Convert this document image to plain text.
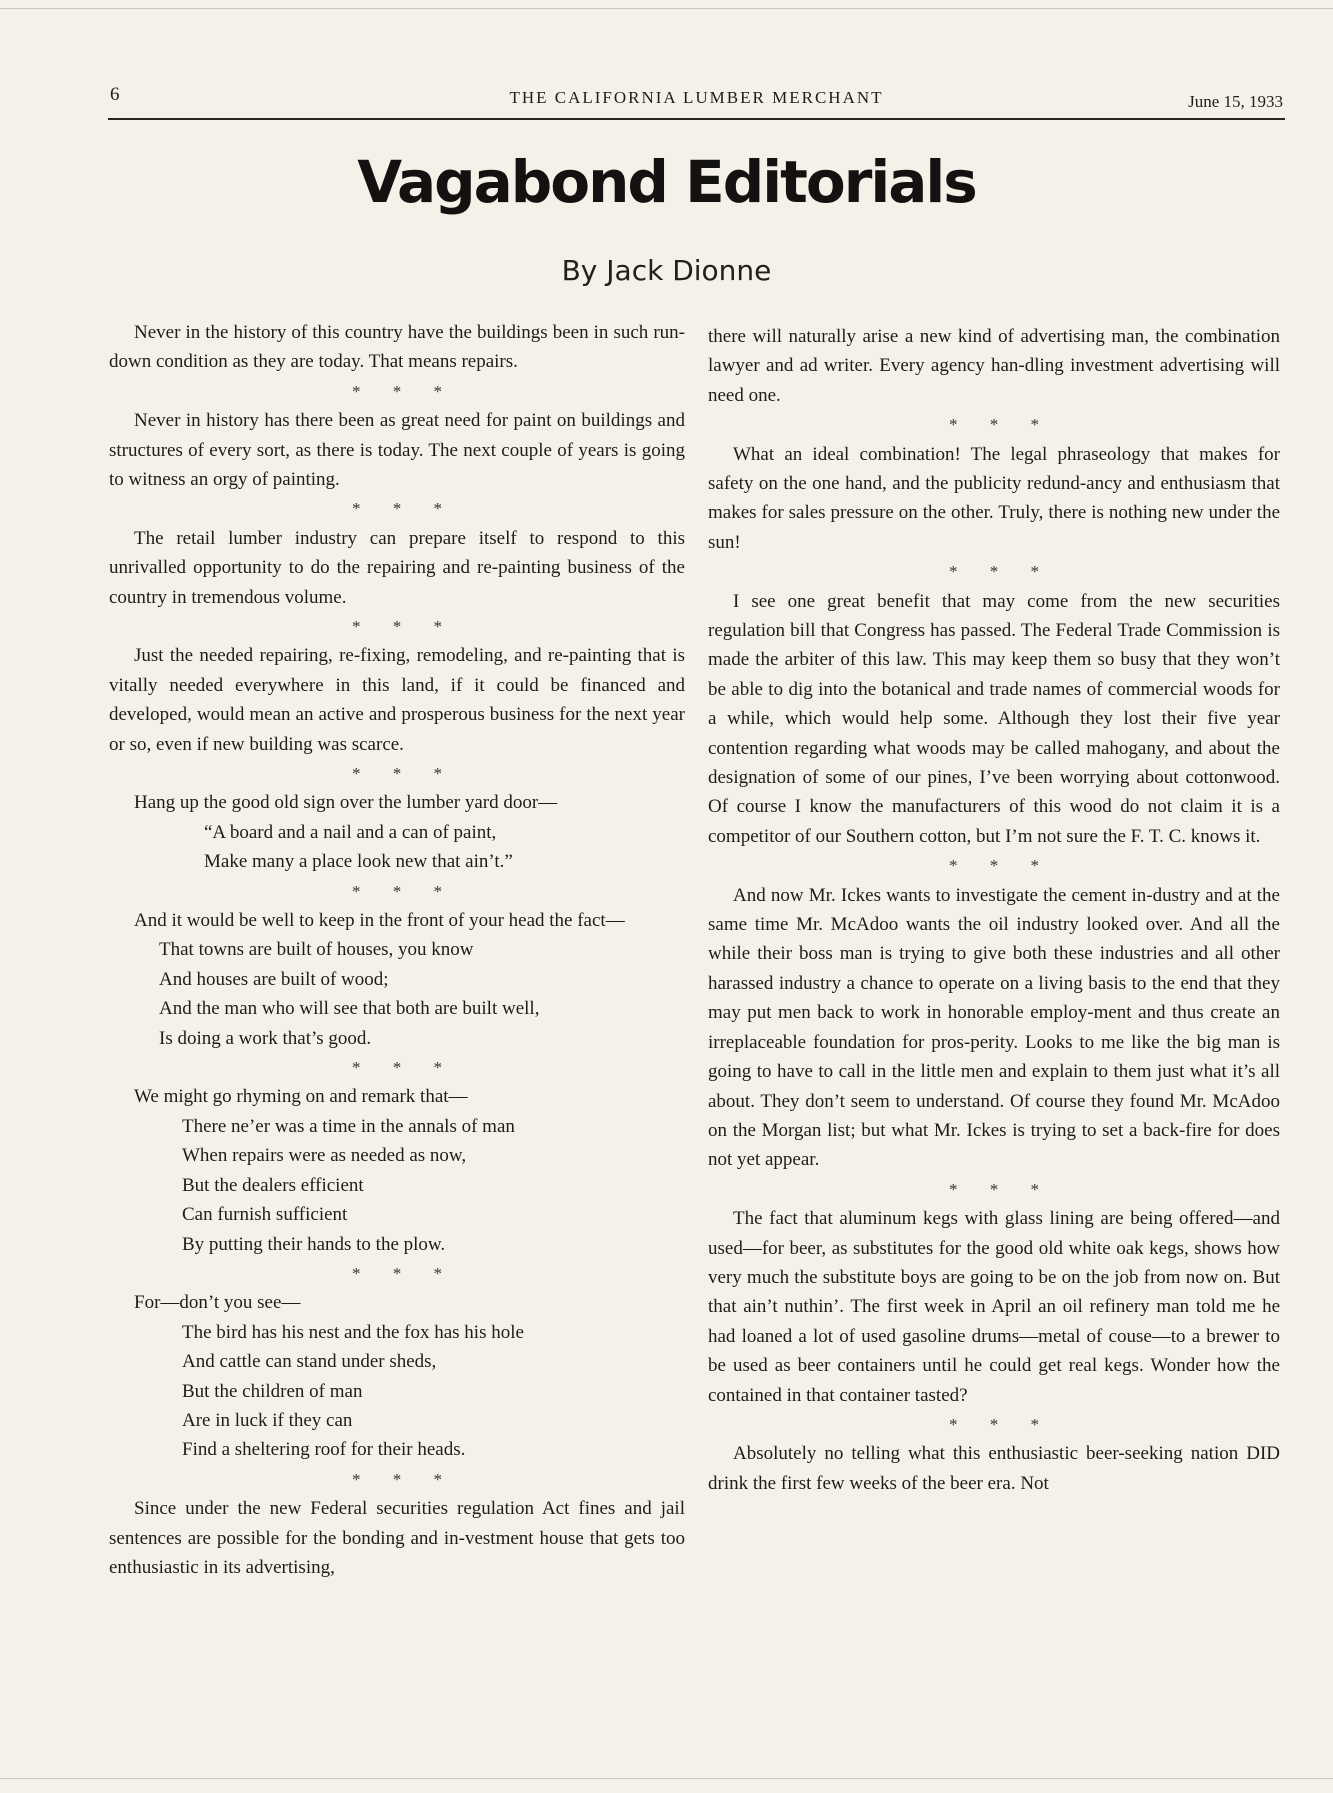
6	THE CALIFORNIA LUMBER MERCHANT	June 15, 1933
Vagabond Editorials
By Jack Dionne

Never in the history of this country have the buildings been in such run-down condition as they are today. That means repairs.

* * *

Never in history has there been as great need for paint on buildings and structures of every sort, as there is today. The next couple of years is going to witness an orgy of painting.

* * *

The retail lumber industry can prepare itself to respond to this unrivalled opportunity to do the repairing and re-painting business of the country in tremendous volume.

* * *

Just the needed repairing, re-fixing, remodeling, and re-painting that is vitally needed everywhere in this land, if it could be financed and developed, would mean an active and prosperous business for the next year or so, even if new building was scarce.

* * *

Hang up the good old sign over the lumber yard door—

“A board and a nail and a can of paint,
Make many a place look new that ain’t.”
* * *

And it would be well to keep in the front of your head the fact—

That towns are built of houses, you know
And houses are built of wood;
And the man who will see that both are built well,
Is doing a work that’s good.
* * *

We might go rhyming on and remark that—

There ne’er was a time in the annals of man
When repairs were as needed as now,
But the dealers efficient
Can furnish sufficient
By putting their hands to the plow.
* * *

For—don’t you see—

The bird has his nest and the fox has his hole
And cattle can stand under sheds,
But the children of man
Are in luck if they can
Find a sheltering roof for their heads.
* * *

Since under the new Federal securities regulation Act fines and jail sentences are possible for the bonding and in-vestment house that gets too enthusiastic in its advertising,

there will naturally arise a new kind of advertising man, the combination lawyer and ad writer. Every agency han-dling investment advertising will need one.

* * *

What an ideal combination! The legal phraseology that makes for safety on the one hand, and the publicity redund-ancy and enthusiasm that makes for sales pressure on the other. Truly, there is nothing new under the sun!

* * *

I see one great benefit that may come from the new securities regulation bill that Congress has passed. The Federal Trade Commission is made the arbiter of this law. This may keep them so busy that they won’t be able to dig into the botanical and trade names of commercial woods for a while, which would help some. Although they lost their five year contention regarding what woods may be called mahogany, and about the designation of some of our pines, I’ve been worrying about cottonwood. Of course I know the manufacturers of this wood do not claim it is a competitor of our Southern cotton, but I’m not sure the F. T. C. knows it.

* * *

And now Mr. Ickes wants to investigate the cement in-dustry and at the same time Mr. McAdoo wants the oil industry looked over. And all the while their boss man is trying to give both these industries and all other harassed industry a chance to operate on a living basis to the end that they may put men back to work in honorable employ-ment and thus create an irreplaceable foundation for pros-perity. Looks to me like the big man is going to have to call in the little men and explain to them just what it’s all about. They don’t seem to understand. Of course they found Mr. McAdoo on the Morgan list; but what Mr. Ickes is trying to set a back-fire for does not yet appear.

* * *

The fact that aluminum kegs with glass lining are being offered—and used—for beer, as substitutes for the good old white oak kegs, shows how very much the substitute boys are going to be on the job from now on. But that ain’t nuthin’. The first week in April an oil refinery man told me he had loaned a lot of used gasoline drums—metal of couse—to a brewer to be used as beer containers until he could get real kegs. Wonder how the contained in that container tasted?

* * *

Absolutely no telling what this enthusiastic beer-seeking nation DID drink the first few weeks of the beer era. Not
